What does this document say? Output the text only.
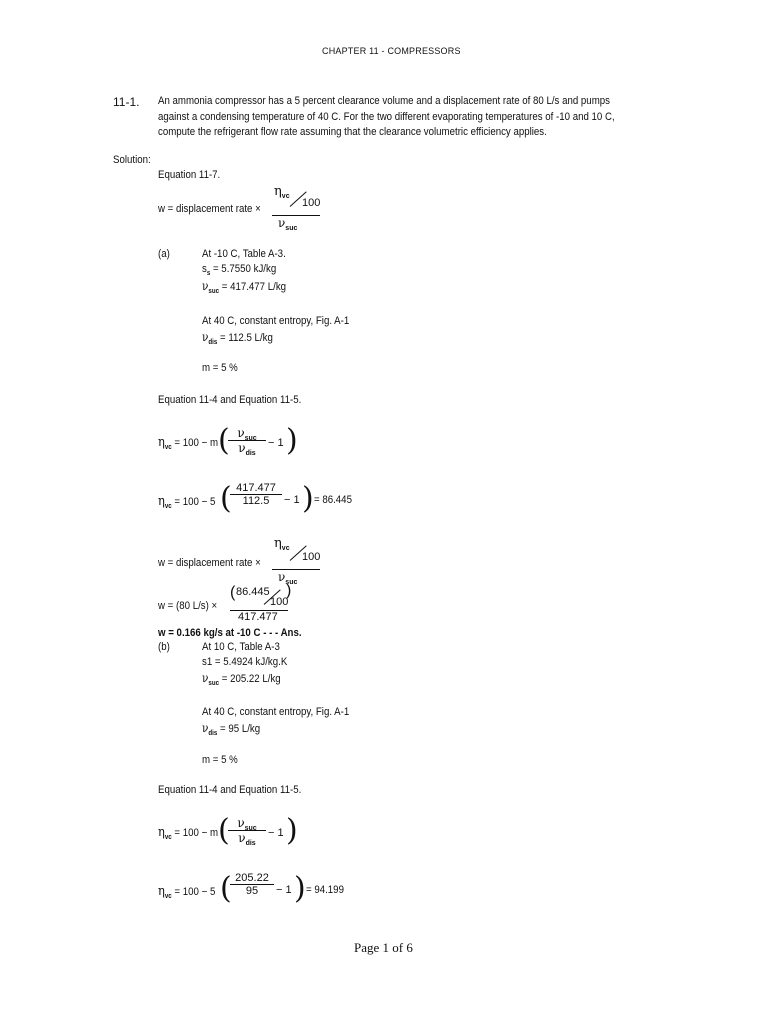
CHAPTER 11 - COMPRESSORS
11-1. An ammonia compressor has a 5 percent clearance volume and a displacement rate of 80 L/s and pumps
against a condensing temperature of 40 C. For the two different evaporating temperatures of -10 and 10 C,
compute the refrigerant flow rate assuming that the clearance volumetric efficiency applies.
Solution:
Equation 11-7.
w = displacement rate ×
$\eta_{vc}$
100
$\nu_{suc}$
(a)	At -10 C, Table A-3.
$s_s = 5.7550$ kJ/kg
$\nu_{suc} = 417.477$ L/kg
At 40 C, constant entropy, Fig. A-1
$\nu_{dis} = 112.5$ L/kg
m = 5 %
Equation 11-4 and Equation 11-5.
$\eta_{vc} = 100 - m$ ( $\nu_{suc}$
$\nu_{dis}$
− 1 )
$\eta_{vc} = 100 - 5$ ( 417.477
112.5	− 1 ) = 86.445
w = displacement rate ×
$\eta_{vc}$
100
$\nu_{suc}$
w = (80 L/s) ×
( 86.445
100
)
417.477
w = 0.166 kg/s at -10 C - - - Ans.
(b)	At 10 C, Table A-3
s1 = 5.4924 kJ/kg.K
$\nu_{suc} = 205.22$ L/kg
At 40 C, constant entropy, Fig. A-1
$\nu_{dis} = 95$ L/kg
m = 5 %
Equation 11-4 and Equation 11-5.
$\eta_{vc} = 100 - m$ ( $\nu_{suc}$
$\nu_{dis}$
− 1 )
$\eta_{vc} = 100 - 5$ ( 205.22
95	− 1 ) = 94.199
Page 1 of 6
